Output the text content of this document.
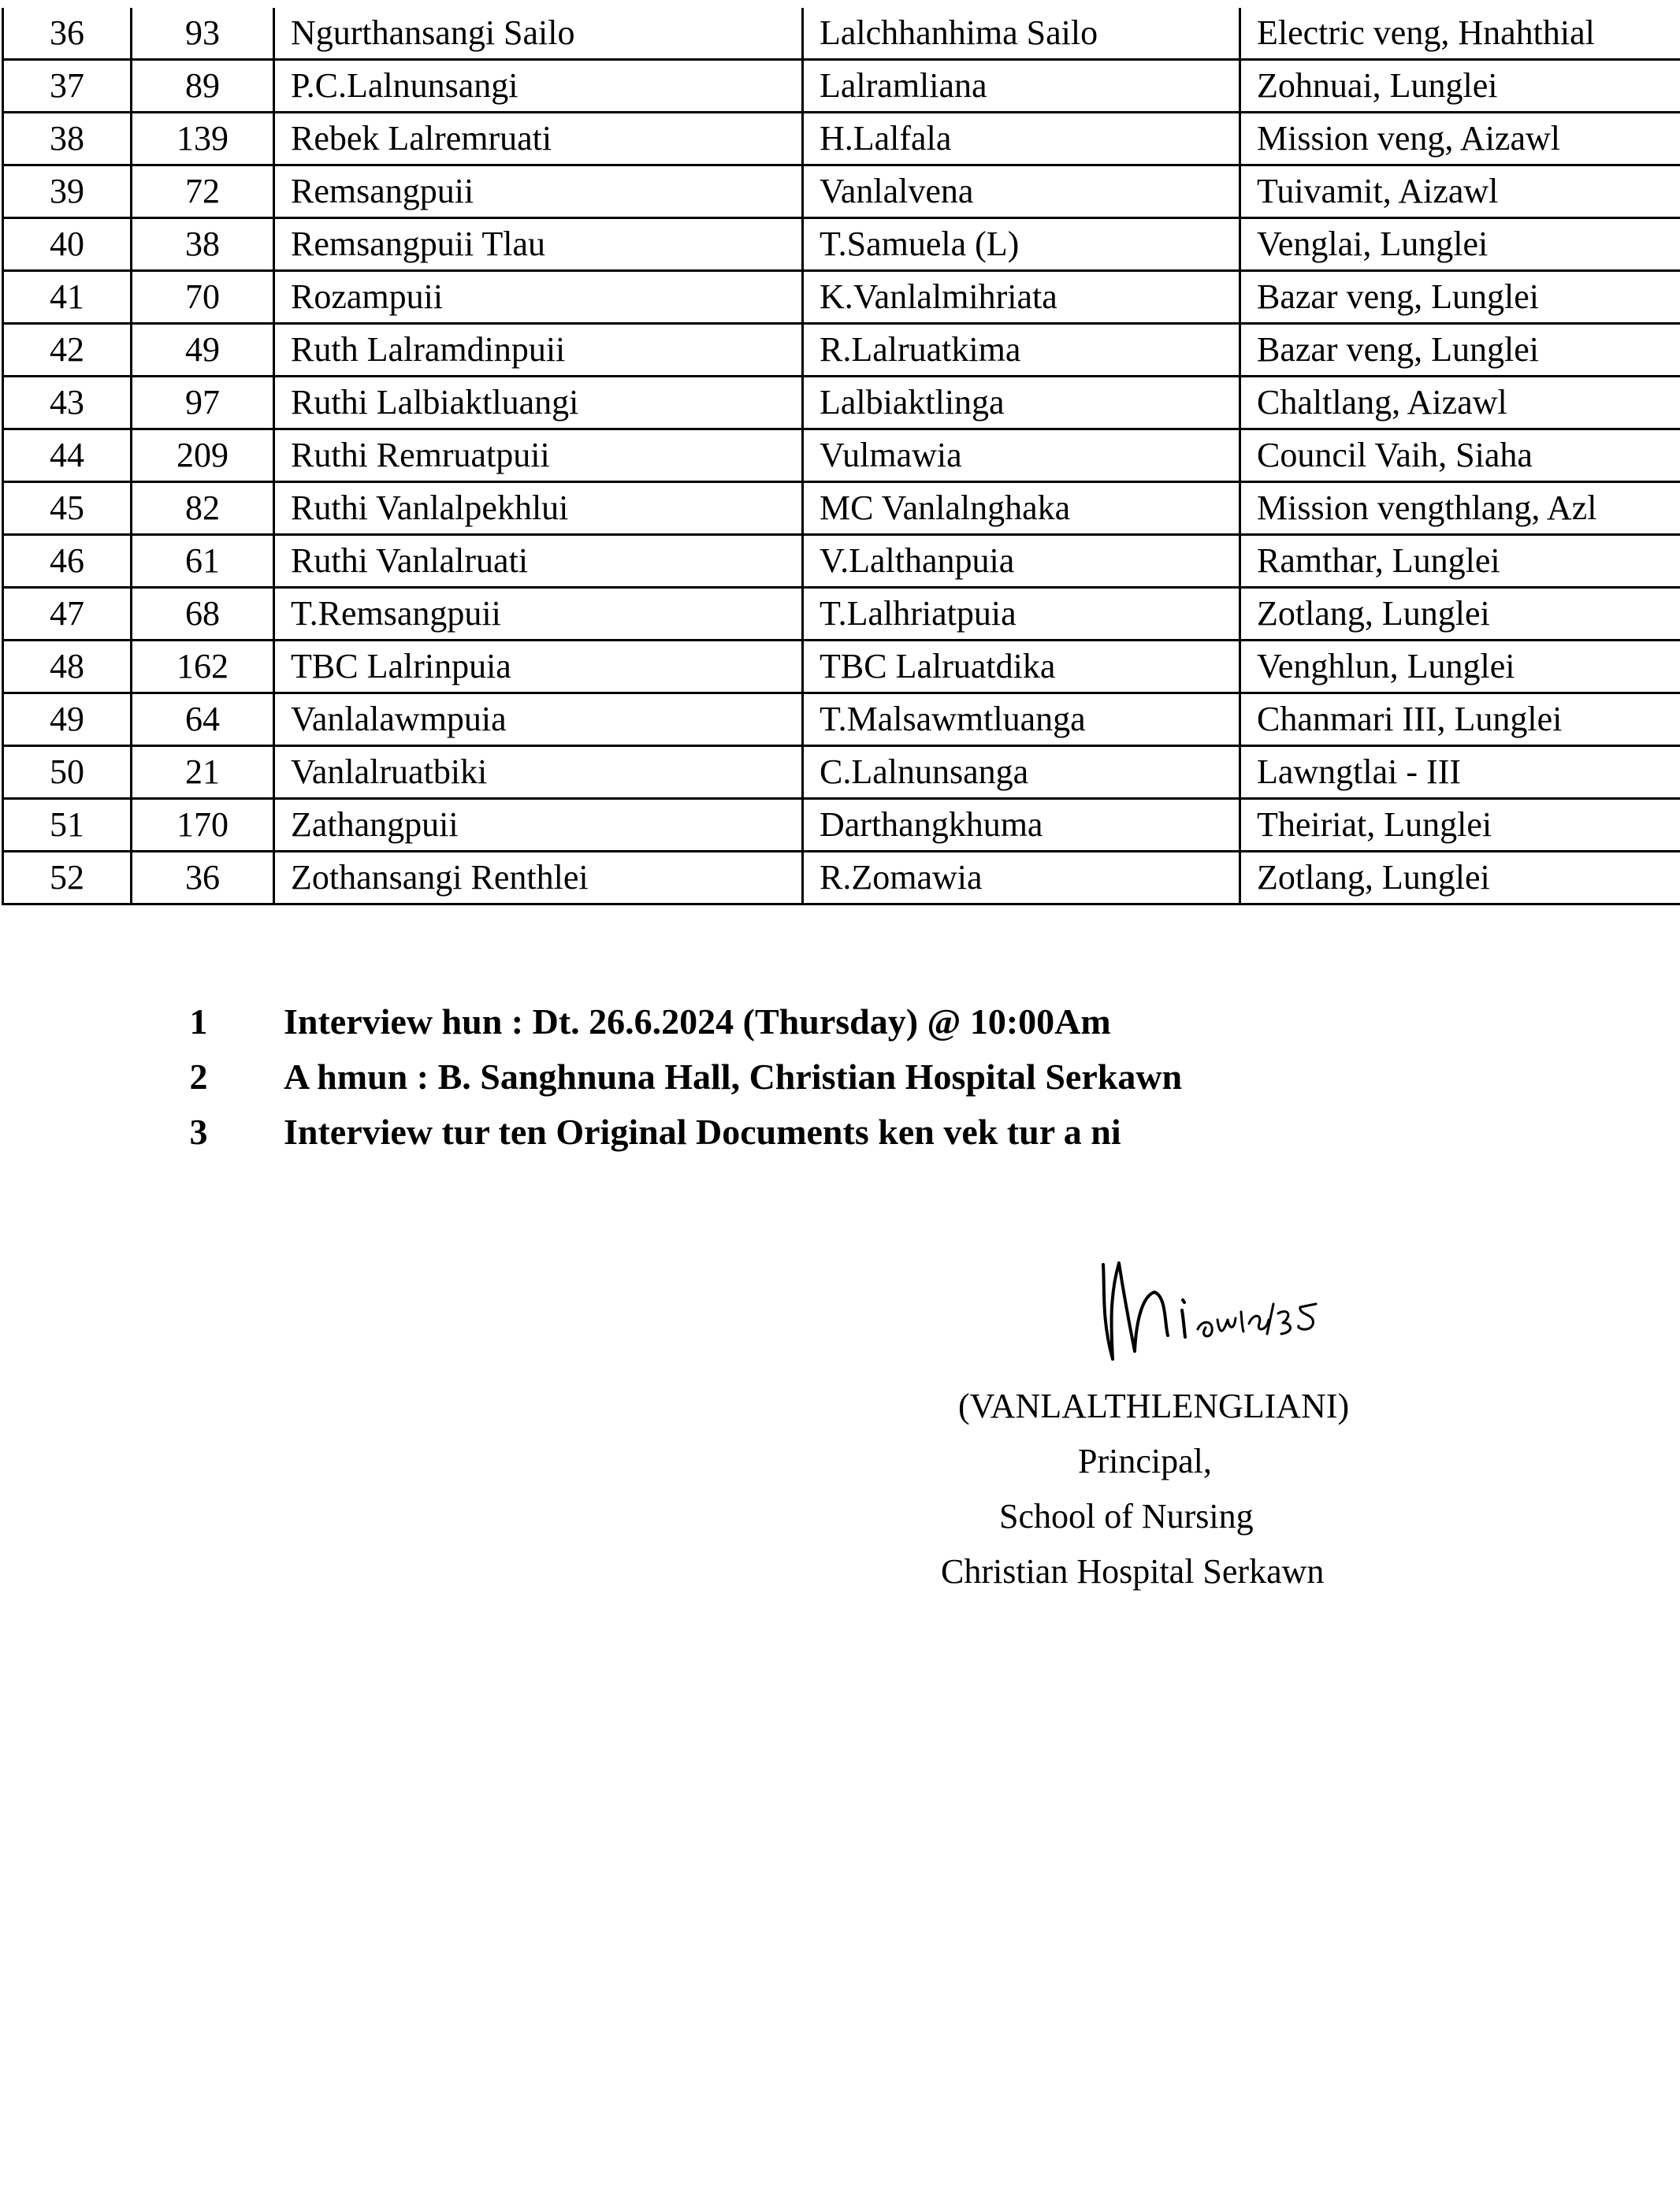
36	93	Ngurthansangi Sailo	Lalchhanhima Sailo	Electric veng, Hnahthial
37	89	P.C.Lalnunsangi	Lalramliana	Zohnuai, Lunglei
38	139	Rebek Lalremruati	H.Lalfala	Mission veng, Aizawl
39	72	Remsangpuii	Vanlalvena	Tuivamit, Aizawl
40	38	Remsangpuii Tlau	T.Samuela (L)	Venglai, Lunglei
41	70	Rozampuii	K.Vanlalmihriata	Bazar veng, Lunglei
42	49	Ruth Lalramdinpuii	R.Lalruatkima	Bazar veng, Lunglei
43	97	Ruthi Lalbiaktluangi	Lalbiaktlinga	Chaltlang, Aizawl
44	209	Ruthi Remruatpuii	Vulmawia	Council Vaih, Siaha
45	82	Ruthi Vanlalpekhlui	MC Vanlalnghaka	Mission vengthlang, Azl
46	61	Ruthi Vanlalruati	V.Lalthanpuia	Ramthar, Lunglei
47	68	T.Remsangpuii	T.Lalhriatpuia	Zotlang, Lunglei
48	162	TBC Lalrinpuia	TBC Lalruatdika	Venghlun, Lunglei
49	64	Vanlalawmpuia	T.Malsawmtluanga	Chanmari III, Lunglei
50	21	Vanlalruatbiki	C.Lalnunsanga	Lawngtlai - III
51	170	Zathangpuii	Darthangkhuma	Theiriat, Lunglei
52	36	Zothansangi Renthlei	R.Zomawia	Zotlang, Lunglei
1 Interview hun : Dt. 26.6.2024 (Thursday) @ 10:00Am
2 A hmun : B. Sanghnuna Hall, Christian Hospital Serkawn
3 Interview tur ten Original Documents ken vek tur a ni
(VANLALTHLENGLIANI)
Principal,
School of Nursing
Christian Hospital Serkawn
